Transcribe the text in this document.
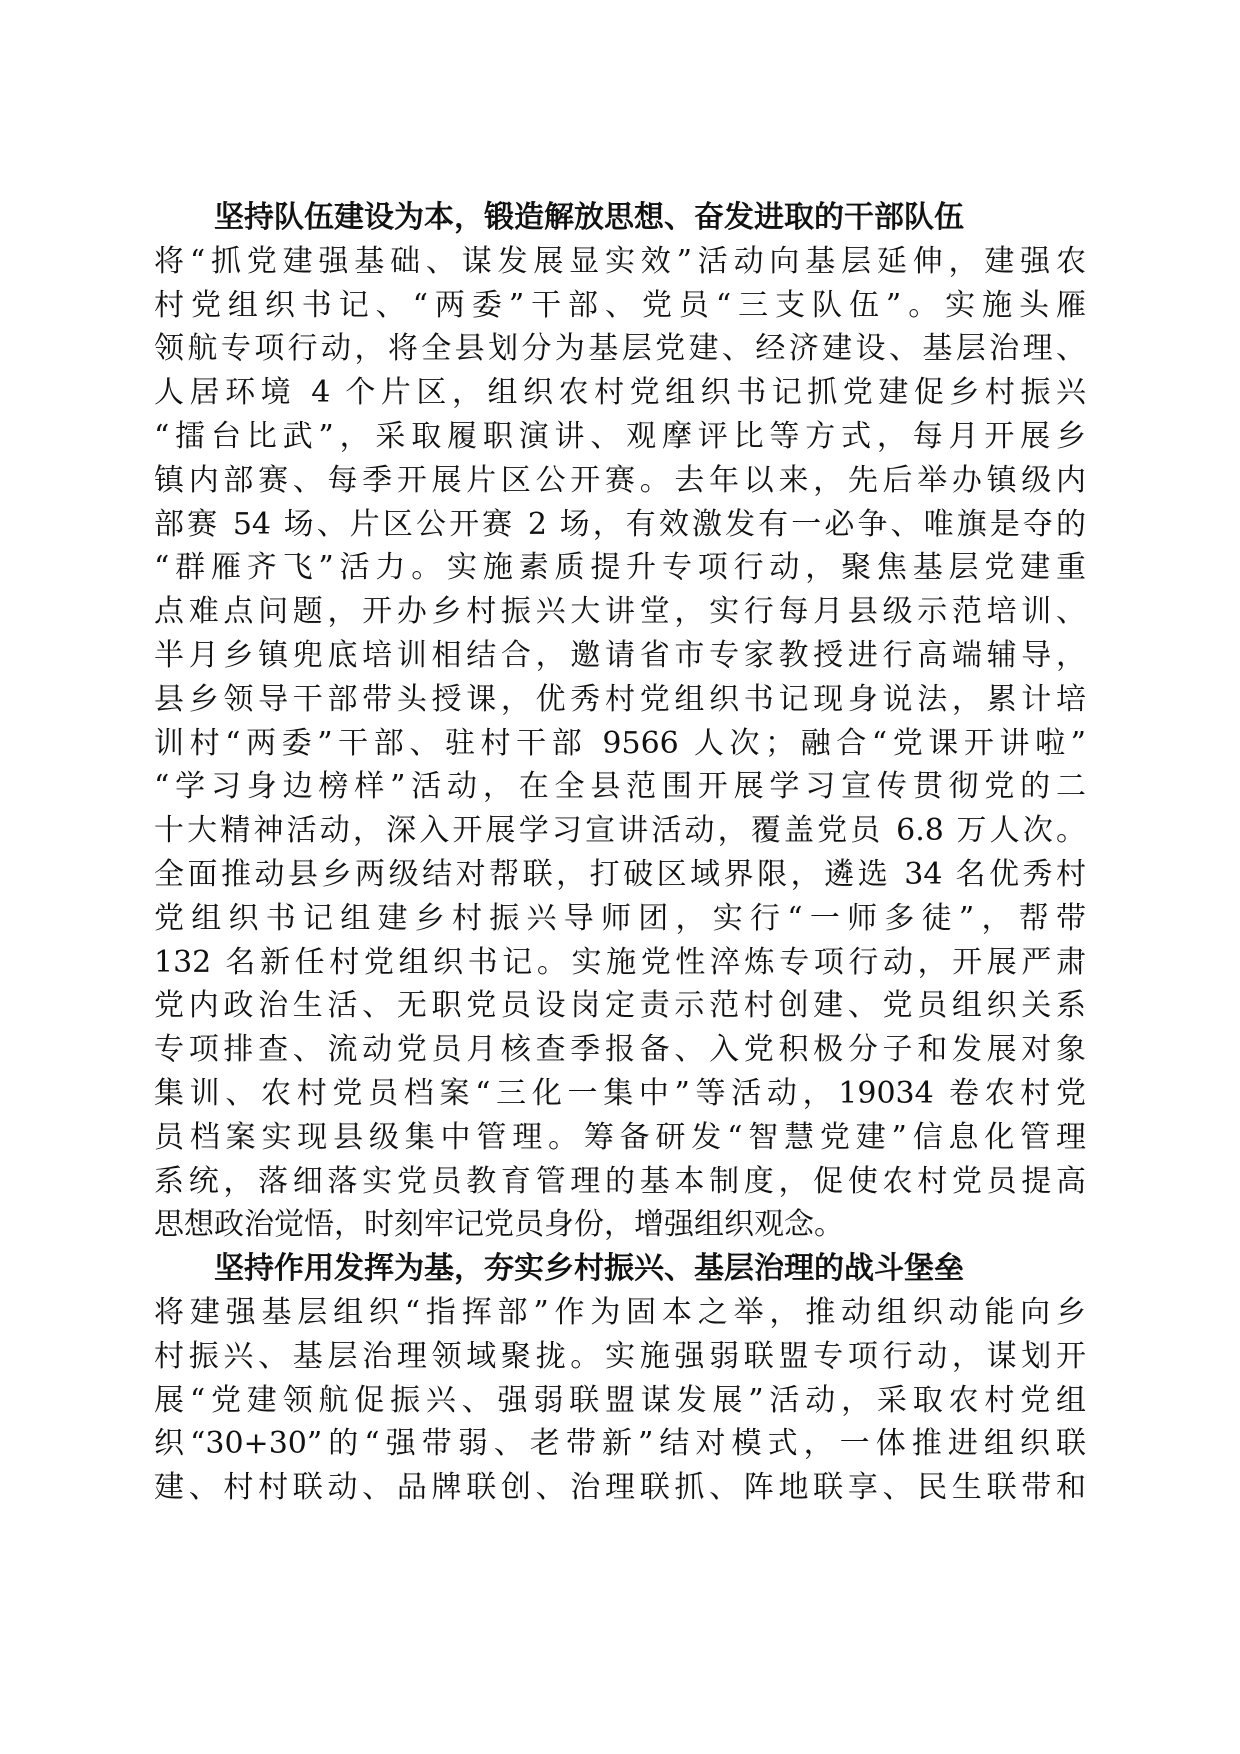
坚持队伍建设为本，锻造解放思想、奋发进取的干部队伍
将“抓党建强基础、谋发展显实效”活动向基层延伸，建强农
村党组织书记、“两委”干部、党员“三支队伍”。实施头雁
领航专项行动，将全县划分为基层党建、经济建设、基层治理、
人居环境 4 个片区，组织农村党组织书记抓党建促乡村振兴
“擂台比武”，采取履职演讲、观摩评比等方式，每月开展乡
镇内部赛、每季开展片区公开赛。去年以来，先后举办镇级内
部赛 54 场、片区公开赛 2 场，有效激发有一必争、唯旗是夺的
“群雁齐飞”活力。实施素质提升专项行动，聚焦基层党建重
点难点问题，开办乡村振兴大讲堂，实行每月县级示范培训、
半月乡镇兜底培训相结合，邀请省市专家教授进行高端辅导，
县乡领导干部带头授课，优秀村党组织书记现身说法，累计培
训村“两委”干部、驻村干部 9566 人次；融合“党课开讲啦”
“学习身边榜样”活动，在全县范围开展学习宣传贯彻党的二
十大精神活动，深入开展学习宣讲活动，覆盖党员 6.8 万人次。
全面推动县乡两级结对帮联，打破区域界限，遴选 34 名优秀村
党组织书记组建乡村振兴导师团，实行“一师多徒”，帮带
132 名新任村党组织书记。实施党性淬炼专项行动，开展严肃
党内政治生活、无职党员设岗定责示范村创建、党员组织关系
专项排查、流动党员月核查季报备、入党积极分子和发展对象
集训、农村党员档案“三化一集中”等活动，19034 卷农村党
员档案实现县级集中管理。筹备研发“智慧党建”信息化管理
系统，落细落实党员教育管理的基本制度，促使农村党员提高
思想政治觉悟，时刻牢记党员身份，增强组织观念。
坚持作用发挥为基，夯实乡村振兴、基层治理的战斗堡垒
将建强基层组织“指挥部”作为固本之举，推动组织动能向乡
村振兴、基层治理领域聚拢。实施强弱联盟专项行动，谋划开
展“党建领航促振兴、强弱联盟谋发展”活动，采取农村党组
织“30+30”的“强带弱、老带新”结对模式，一体推进组织联
建、村村联动、品牌联创、治理联抓、阵地联享、民生联带和
